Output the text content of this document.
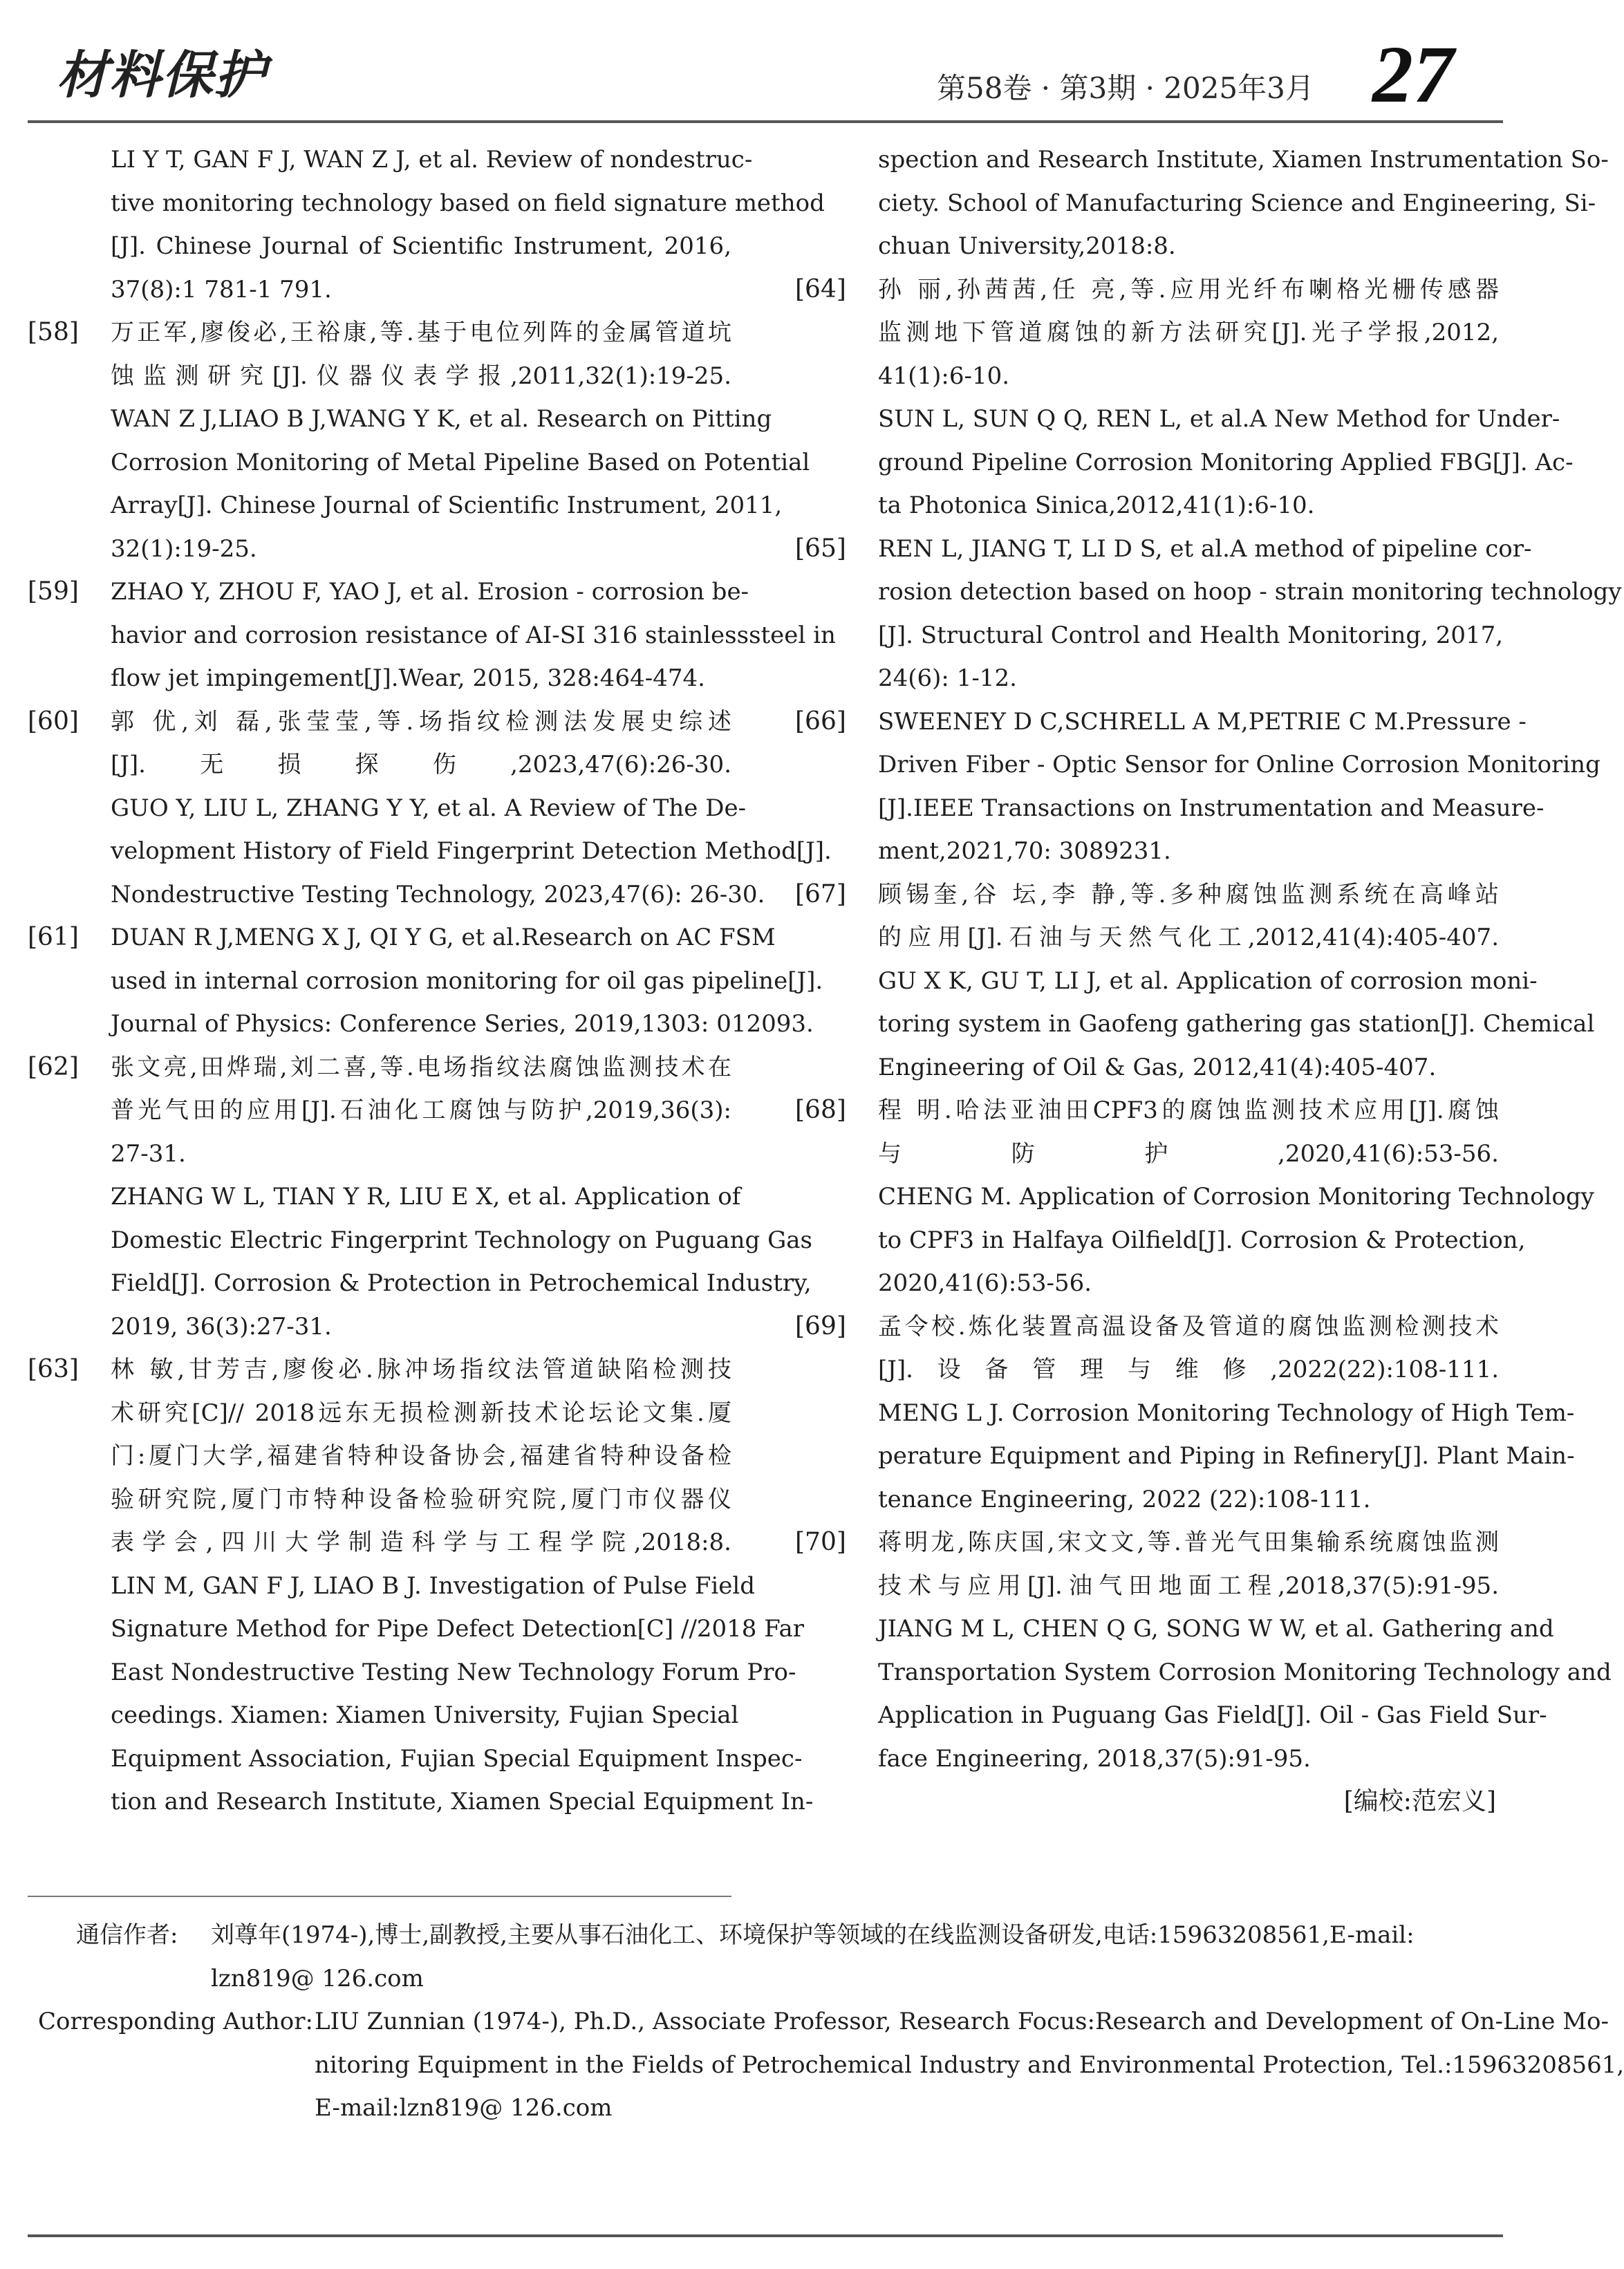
材料保护	第58卷 · 第3期 · 2025年3月 27
LI Y T, GAN F J, WAN Z J, et al. Review of nondestruc-
tive monitoring technology based on field signature method
[J]. Chinese Journal of Scientific Instrument, 2016,
37(8):1 781-1 791.
[58]	万正军,廖俊必,王裕康,等.基于电位列阵的金属管道坑
蚀监测研究[J].仪器仪表学报,2011,32(1):19-25.
WAN Z J,LIAO B J,WANG Y K, et al. Research on Pitting
Corrosion Monitoring of Metal Pipeline Based on Potential
Array[J]. Chinese Journal of Scientific Instrument, 2011,
32(1):19-25.
[59]	ZHAO Y, ZHOU F, YAO J, et al. Erosion - corrosion be-
havior and corrosion resistance of AI-SI 316 stainlesssteel in
flow jet impingement[J].Wear, 2015, 328:464-474.
[60]	郭 优,刘 磊,张莹莹,等.场指纹检测法发展史综述
[J].无损探伤,2023,47(6):26-30.
GUO Y, LIU L, ZHANG Y Y, et al. A Review of The De-
velopment History of Field Fingerprint Detection Method[J].
Nondestructive Testing Technology, 2023,47(6): 26-30.
[61]	DUAN R J,MENG X J, QI Y G, et al.Research on AC FSM
used in internal corrosion monitoring for oil gas pipeline[J].
Journal of Physics: Conference Series, 2019,1303: 012093.
[62]	张文亮,田烨瑞,刘二喜,等.电场指纹法腐蚀监测技术在
普光气田的应用[J].石油化工腐蚀与防护,2019,36(3):
27-31.
ZHANG W L, TIAN Y R, LIU E X, et al. Application of
Domestic Electric Fingerprint Technology on Puguang Gas
Field[J]. Corrosion & Protection in Petrochemical Industry,
2019, 36(3):27-31.
[63]	林 敏,甘芳吉,廖俊必.脉冲场指纹法管道缺陷检测技
术研究[C]// 2018远东无损检测新技术论坛论文集.厦
门:厦门大学,福建省特种设备协会,福建省特种设备检
验研究院,厦门市特种设备检验研究院,厦门市仪器仪
表学会,四川大学制造科学与工程学院,2018:8.
LIN M, GAN F J, LIAO B J. Investigation of Pulse Field
Signature Method for Pipe Defect Detection[C] //2018 Far
East Nondestructive Testing New Technology Forum Pro-
ceedings. Xiamen: Xiamen University, Fujian Special
Equipment Association, Fujian Special Equipment Inspec-
tion and Research Institute, Xiamen Special Equipment In-
spection and Research Institute, Xiamen Instrumentation So-
ciety. School of Manufacturing Science and Engineering, Si-
chuan University,2018:8.
[64]	孙 丽,孙茜茜,任 亮,等.应用光纤布喇格光栅传感器
监测地下管道腐蚀的新方法研究[J].光子学报,2012,
41(1):6-10.
SUN L, SUN Q Q, REN L, et al.A New Method for Under-
ground Pipeline Corrosion Monitoring Applied FBG[J]. Ac-
ta Photonica Sinica,2012,41(1):6-10.
[65]	REN L, JIANG T, LI D S, et al.A method of pipeline cor-
rosion detection based on hoop - strain monitoring technology
[J]. Structural Control and Health Monitoring, 2017,
24(6): 1-12.
[66]	SWEENEY D C,SCHRELL A M,PETRIE C M.Pressure -
Driven Fiber - Optic Sensor for Online Corrosion Monitoring
[J].IEEE Transactions on Instrumentation and Measure-
ment,2021,70: 3089231.
[67]	顾锡奎,谷 坛,李 静,等.多种腐蚀监测系统在高峰站
的应用[J].石油与天然气化工,2012,41(4):405-407.
GU X K, GU T, LI J, et al. Application of corrosion moni-
toring system in Gaofeng gathering gas station[J]. Chemical
Engineering of Oil & Gas, 2012,41(4):405-407.
[68]	程 明.哈法亚油田CPF3的腐蚀监测技术应用[J].腐蚀
与防护,2020,41(6):53-56.
CHENG M. Application of Corrosion Monitoring Technology
to CPF3 in Halfaya Oilfield[J]. Corrosion & Protection,
2020,41(6):53-56.
[69]	孟令校.炼化装置高温设备及管道的腐蚀监测检测技术
[J].设备管理与维修,2022(22):108-111.
MENG L J. Corrosion Monitoring Technology of High Tem-
perature Equipment and Piping in Refinery[J]. Plant Main-
tenance Engineering, 2022 (22):108-111.
[70]	蒋明龙,陈庆国,宋文文,等.普光气田集输系统腐蚀监测
技术与应用[J].油气田地面工程,2018,37(5):91-95.
JIANG M L, CHEN Q G, SONG W W, et al. Gathering and
Transportation System Corrosion Monitoring Technology and
Application in Puguang Gas Field[J]. Oil - Gas Field Sur-
face Engineering, 2018,37(5):91-95.
[编校:范宏义]
通信作者: 刘尊年(1974-),博士,副教授,主要从事石油化工、环境保护等领域的在线监测设备研发,电话:15963208561,E-mail:
lzn819@ 126.com
Corresponding Author: LIU Zunnian (1974-), Ph.D., Associate Professor, Research Focus:Research and Development of On-Line Mo-
nitoring Equipment in the Fields of Petrochemical Industry and Environmental Protection, Tel.:15963208561,
E-mail:lzn819@ 126.com
